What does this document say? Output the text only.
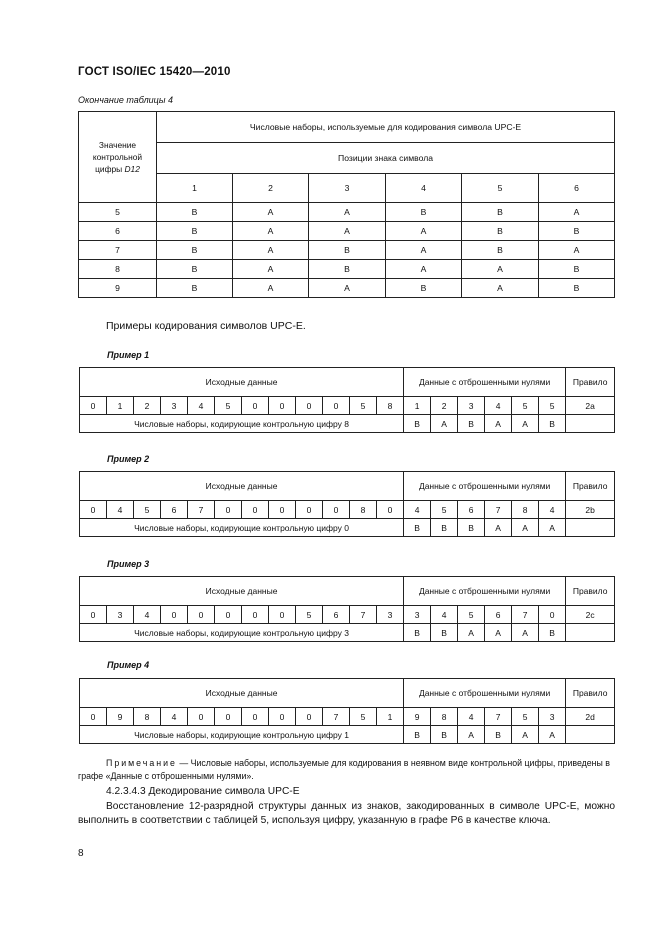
ГОСТ ISO/IEC 15420—2010
Окончание таблицы 4
Значение
контрольной
цифры D12	Числовые наборы, используемые для кодирования символа UPC-E					
	Позиции знака символа					
	1	2	3	4	5	6
5	B	A	A	B	B	A
6	B	A	A	A	B	B
7	B	A	B	A	B	A
8	B	A	B	A	A	B
9	B	A	A	B	A	B
Примеры кодирования символов UPC-E.
Пример 1
Исходные данные												Данные с отброшенными нулями						Правило
0	1	2	3	4	5	0	0	0	0	5	8	1	2	3	4	5	5	2a
Числовые наборы, кодирующие контрольную цифру 8												B	A	B	A	A	B	
Пример 2
Исходные данные												Данные с отброшенными нулями						Правило
0	4	5	6	7	0	0	0	0	0	8	0	4	5	6	7	8	4	2b
Числовые наборы, кодирующие контрольную цифру 0												B	B	B	A	A	A	
Пример 3
Исходные данные												Данные с отброшенными нулями						Правило
0	3	4	0	0	0	0	0	5	6	7	3	3	4	5	6	7	0	2c
Числовые наборы, кодирующие контрольную цифру 3												B	B	A	A	A	B	
Пример 4
Исходные данные												Данные с отброшенными нулями						Правило
0	9	8	4	0	0	0	0	0	7	5	1	9	8	4	7	5	3	2d
Числовые наборы, кодирующие контрольную цифру 1												B	B	A	B	A	A	
Примечание — Числовые наборы, используемые для кодирования в неявном виде контрольной цифры, приведены в графе «Данные с отброшенными нулями».
4.2.3.4.3 Декодирование символа UPC-E
Восстановление 12-разрядной структуры данных из знаков, закодированных в символе UPC-E, можно выполнить в соответствии с таблицей 5, используя цифру, указанную в графе P6 в качестве ключа.
8
